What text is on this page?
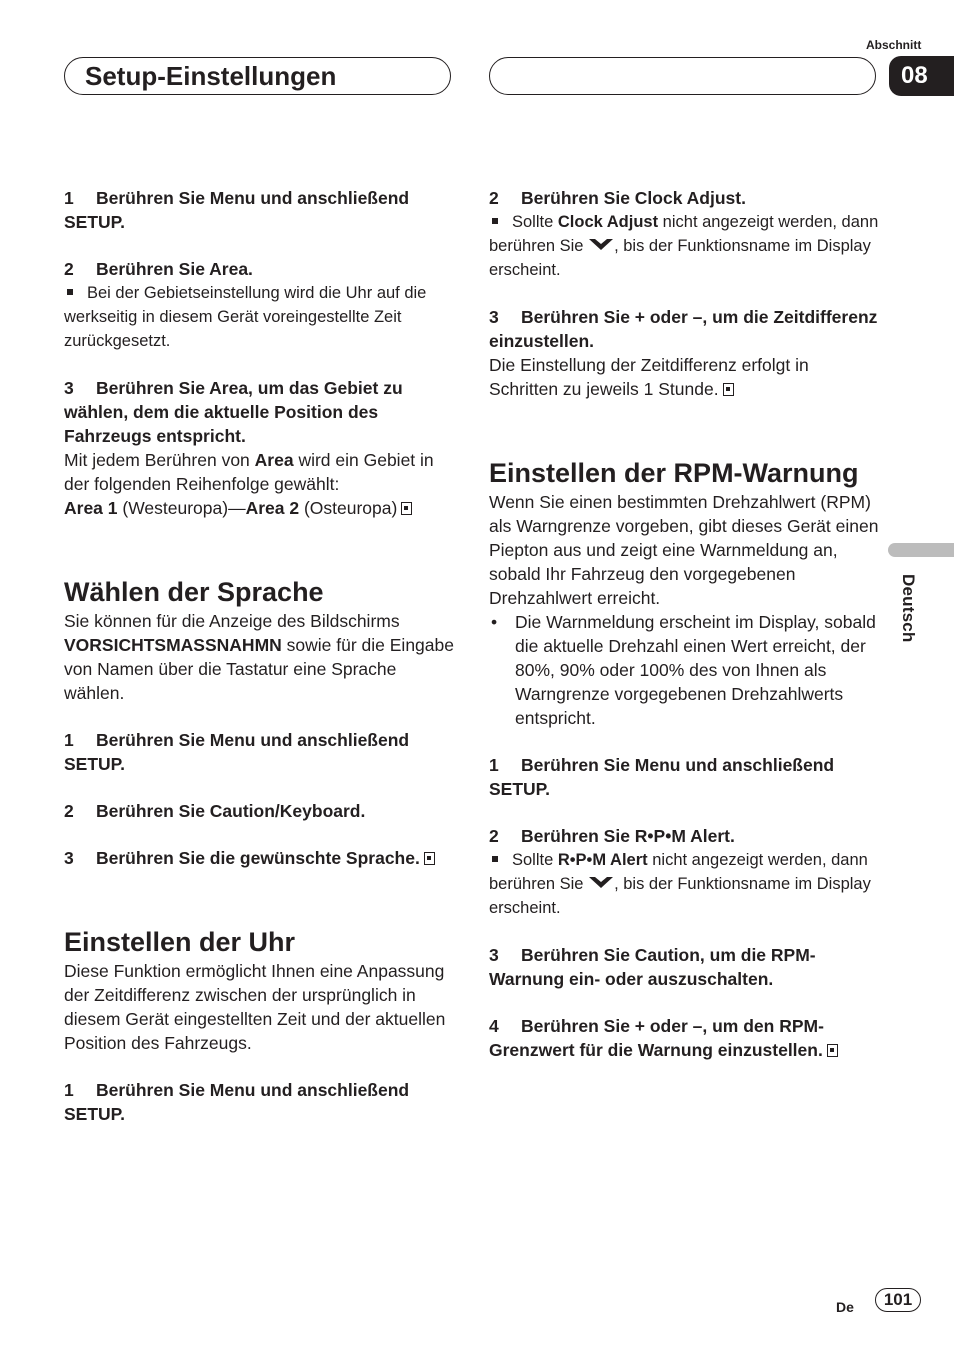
Setup-Einstellungen
Abschnitt
08
Deutsch

1 Berühren Sie Menu und anschließend SETUP.

2 Berühren Sie Area.

Bei der Gebietseinstellung wird die Uhr auf die werkseitig in diesem Gerät voreingestellte Zeit zurückgesetzt.

3 Berühren Sie Area, um das Gebiet zu wählen, dem die aktuelle Position des Fahrzeugs entspricht.

Mit jedem Berühren von Area wird ein Gebiet in der folgenden Reihenfolge gewählt:
Area 1 (Westeuropa)—Area 2 (Osteuropa)

Wählen der Sprache

Sie können für die Anzeige des Bildschirms VORSICHTSMASSNAHMN sowie für die Eingabe von Namen über die Tastatur eine Sprache wählen.

1 Berühren Sie Menu und anschließend SETUP.

2 Berühren Sie Caution/Keyboard.

3 Berühren Sie die gewünschte Sprache.

Einstellen der Uhr

Diese Funktion ermöglicht Ihnen eine Anpassung der Zeitdifferenz zwischen der ursprünglich in diesem Gerät eingestellten Zeit und der aktuellen Position des Fahrzeugs.

1 Berühren Sie Menu und anschließend SETUP.

2 Berühren Sie Clock Adjust.

Sollte Clock Adjust nicht angezeigt werden, dann berühren Sie , bis der Funktionsname im Display erscheint.

3 Berühren Sie + oder –, um die Zeitdifferenz einzustellen.

Die Einstellung der Zeitdifferenz erfolgt in Schritten zu jeweils 1 Stunde.

Einstellen der RPM-Warnung

Wenn Sie einen bestimmten Drehzahlwert (RPM) als Warngrenze vorgeben, gibt dieses Gerät einen Piepton aus und zeigt eine Warnmeldung an, sobald Ihr Fahrzeug den vorgegebenen Drehzahlwert erreicht.

• Die Warnmeldung erscheint im Display, sobald die aktuelle Drehzahl einen Wert erreicht, der 80%, 90% oder 100% des von Ihnen als Warngrenze vorgegebenen Drehzahlwerts entspricht.

1 Berühren Sie Menu und anschließend SETUP.

2 Berühren Sie R•P•M Alert.

Sollte R•P•M Alert nicht angezeigt werden, dann berühren Sie , bis der Funktionsname im Display erscheint.

3 Berühren Sie Caution, um die RPM-Warnung ein- oder auszuschalten.

4 Berühren Sie + oder –, um den RPM-Grenzwert für die Warnung einzustellen.

De	101
